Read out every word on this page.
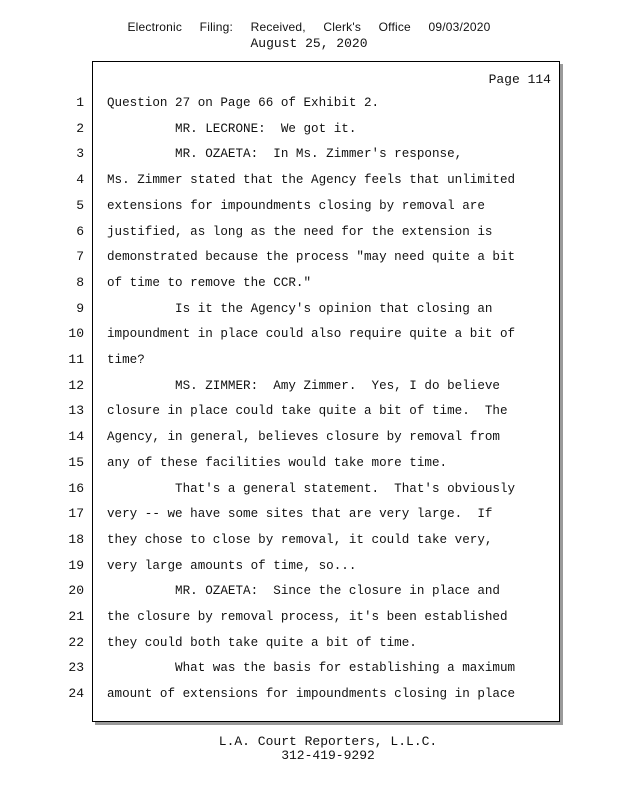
Electronic Filing: Received, Clerk's Office 09/03/2020
August 25, 2020
Page 114
1 Question 27 on Page 66 of Exhibit 2.
2 MR. LECRONE:  We got it.
3 MR. OZAETA:  In Ms. Zimmer's response,
4 Ms. Zimmer stated that the Agency feels that unlimited
5 extensions for impoundments closing by removal are
6 justified, as long as the need for the extension is
7 demonstrated because the process "may need quite a bit
8 of time to remove the CCR."
9 Is it the Agency's opinion that closing an
10 impoundment in place could also require quite a bit of
11 time?
12 MS. ZIMMER:  Amy Zimmer.  Yes, I do believe
13 closure in place could take quite a bit of time.  The
14 Agency, in general, believes closure by removal from
15 any of these facilities would take more time.
16 That's a general statement.  That's obviously
17 very -- we have some sites that are very large.  If
18 they chose to close by removal, it could take very,
19 very large amounts of time, so...
20 MR. OZAETA:  Since the closure in place and
21 the closure by removal process, it's been established
22 they could both take quite a bit of time.
23 What was the basis for establishing a maximum
24 amount of extensions for impoundments closing in place
L.A. Court Reporters, L.L.C.
312-419-9292
